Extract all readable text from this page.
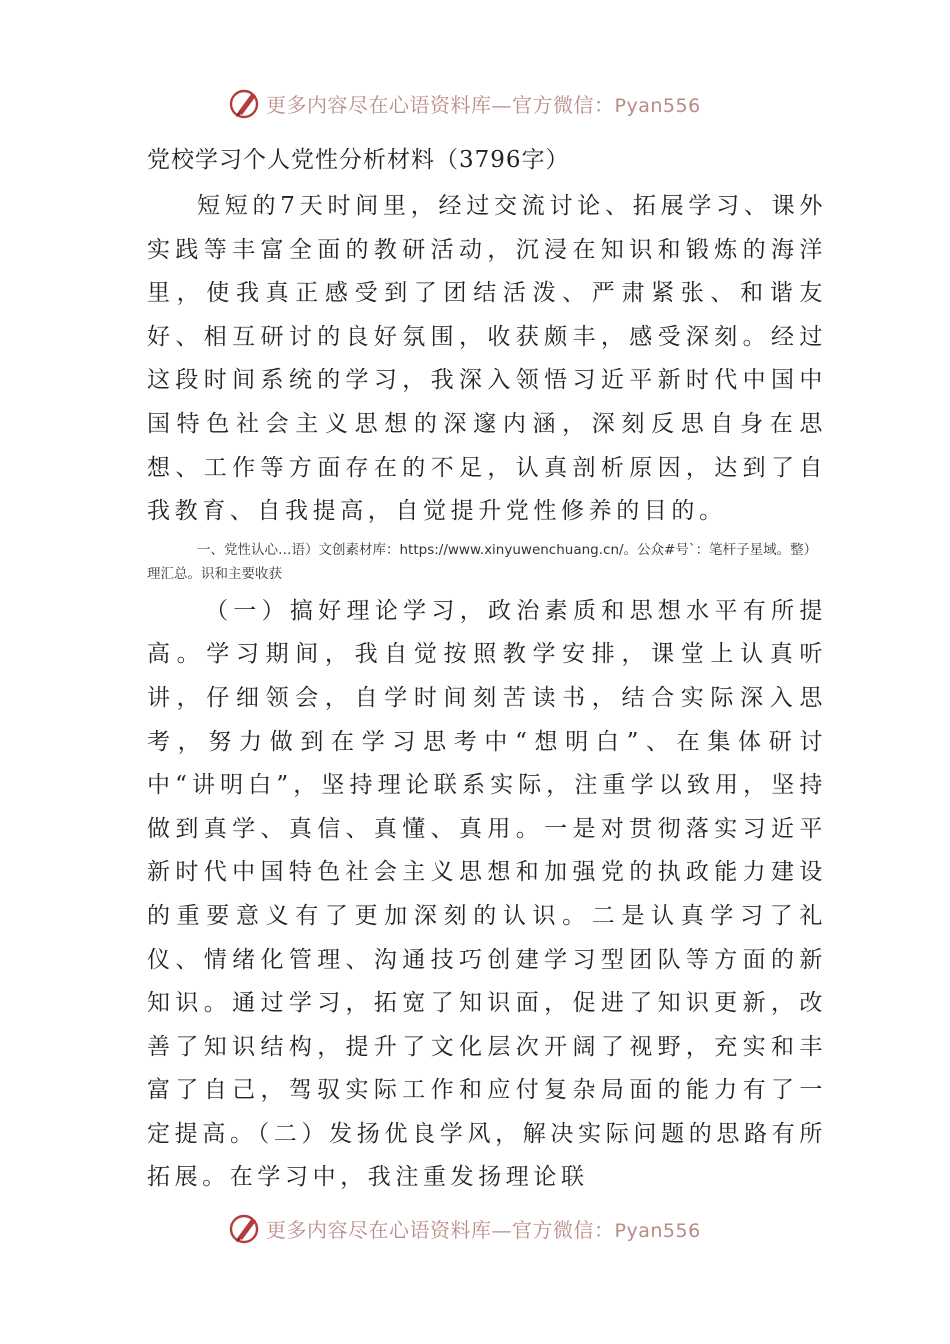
更多内容尽在心语资料库—官方微信：Pyan556

党校学习个人党性分析材料（3796字）

短短的7天时间里，经过交流讨论、拓展学习、课外实践等丰富全面的教研活动，沉浸在知识和锻炼的海洋里，使我真正感受到了团结活泼、严肃紧张、和谐友好、相互研讨的良好氛围，收获颇丰，感受深刻。经过这段时间系统的学习，我深入领悟习近平新时代中国中国特色社会主义思想的深邃内涵，深刻反思自身在思想、工作等方面存在的不足，认真剖析原因，达到了自我教育、自我提高，自觉提升党性修养的目的。

一、党性认心…语）文创素材库：https://www.xinyuwenchuang.cn/。公众#号`：笔杆子星域。整）理汇总。识和主要收获

（一）搞好理论学习，政治素质和思想水平有所提高。学习期间，我自觉按照教学安排，课堂上认真听讲，仔细领会，自学时间刻苦读书，结合实际深入思考，努力做到在学习思考中“想明白”、在集体研讨中“讲明白”，坚持理论联系实际，注重学以致用，坚持做到真学、真信、真懂、真用。一是对贯彻落实习近平新时代中国特色社会主义思想和加强党的执政能力建设的重要意义有了更加深刻的认识。二是认真学习了礼仪、情绪化管理、沟通技巧创建学习型团队等方面的新知识。通过学习，拓宽了知识面，促进了知识更新，改善了知识结构，提升了文化层次开阔了视野，充实和丰富了自己，驾驭实际工作和应付复杂局面的能力有了一定提高。（二）发扬优良学风，解决实际问题的思路有所拓展。在学习中，我注重发扬理论联

更多内容尽在心语资料库—官方微信：Pyan556
